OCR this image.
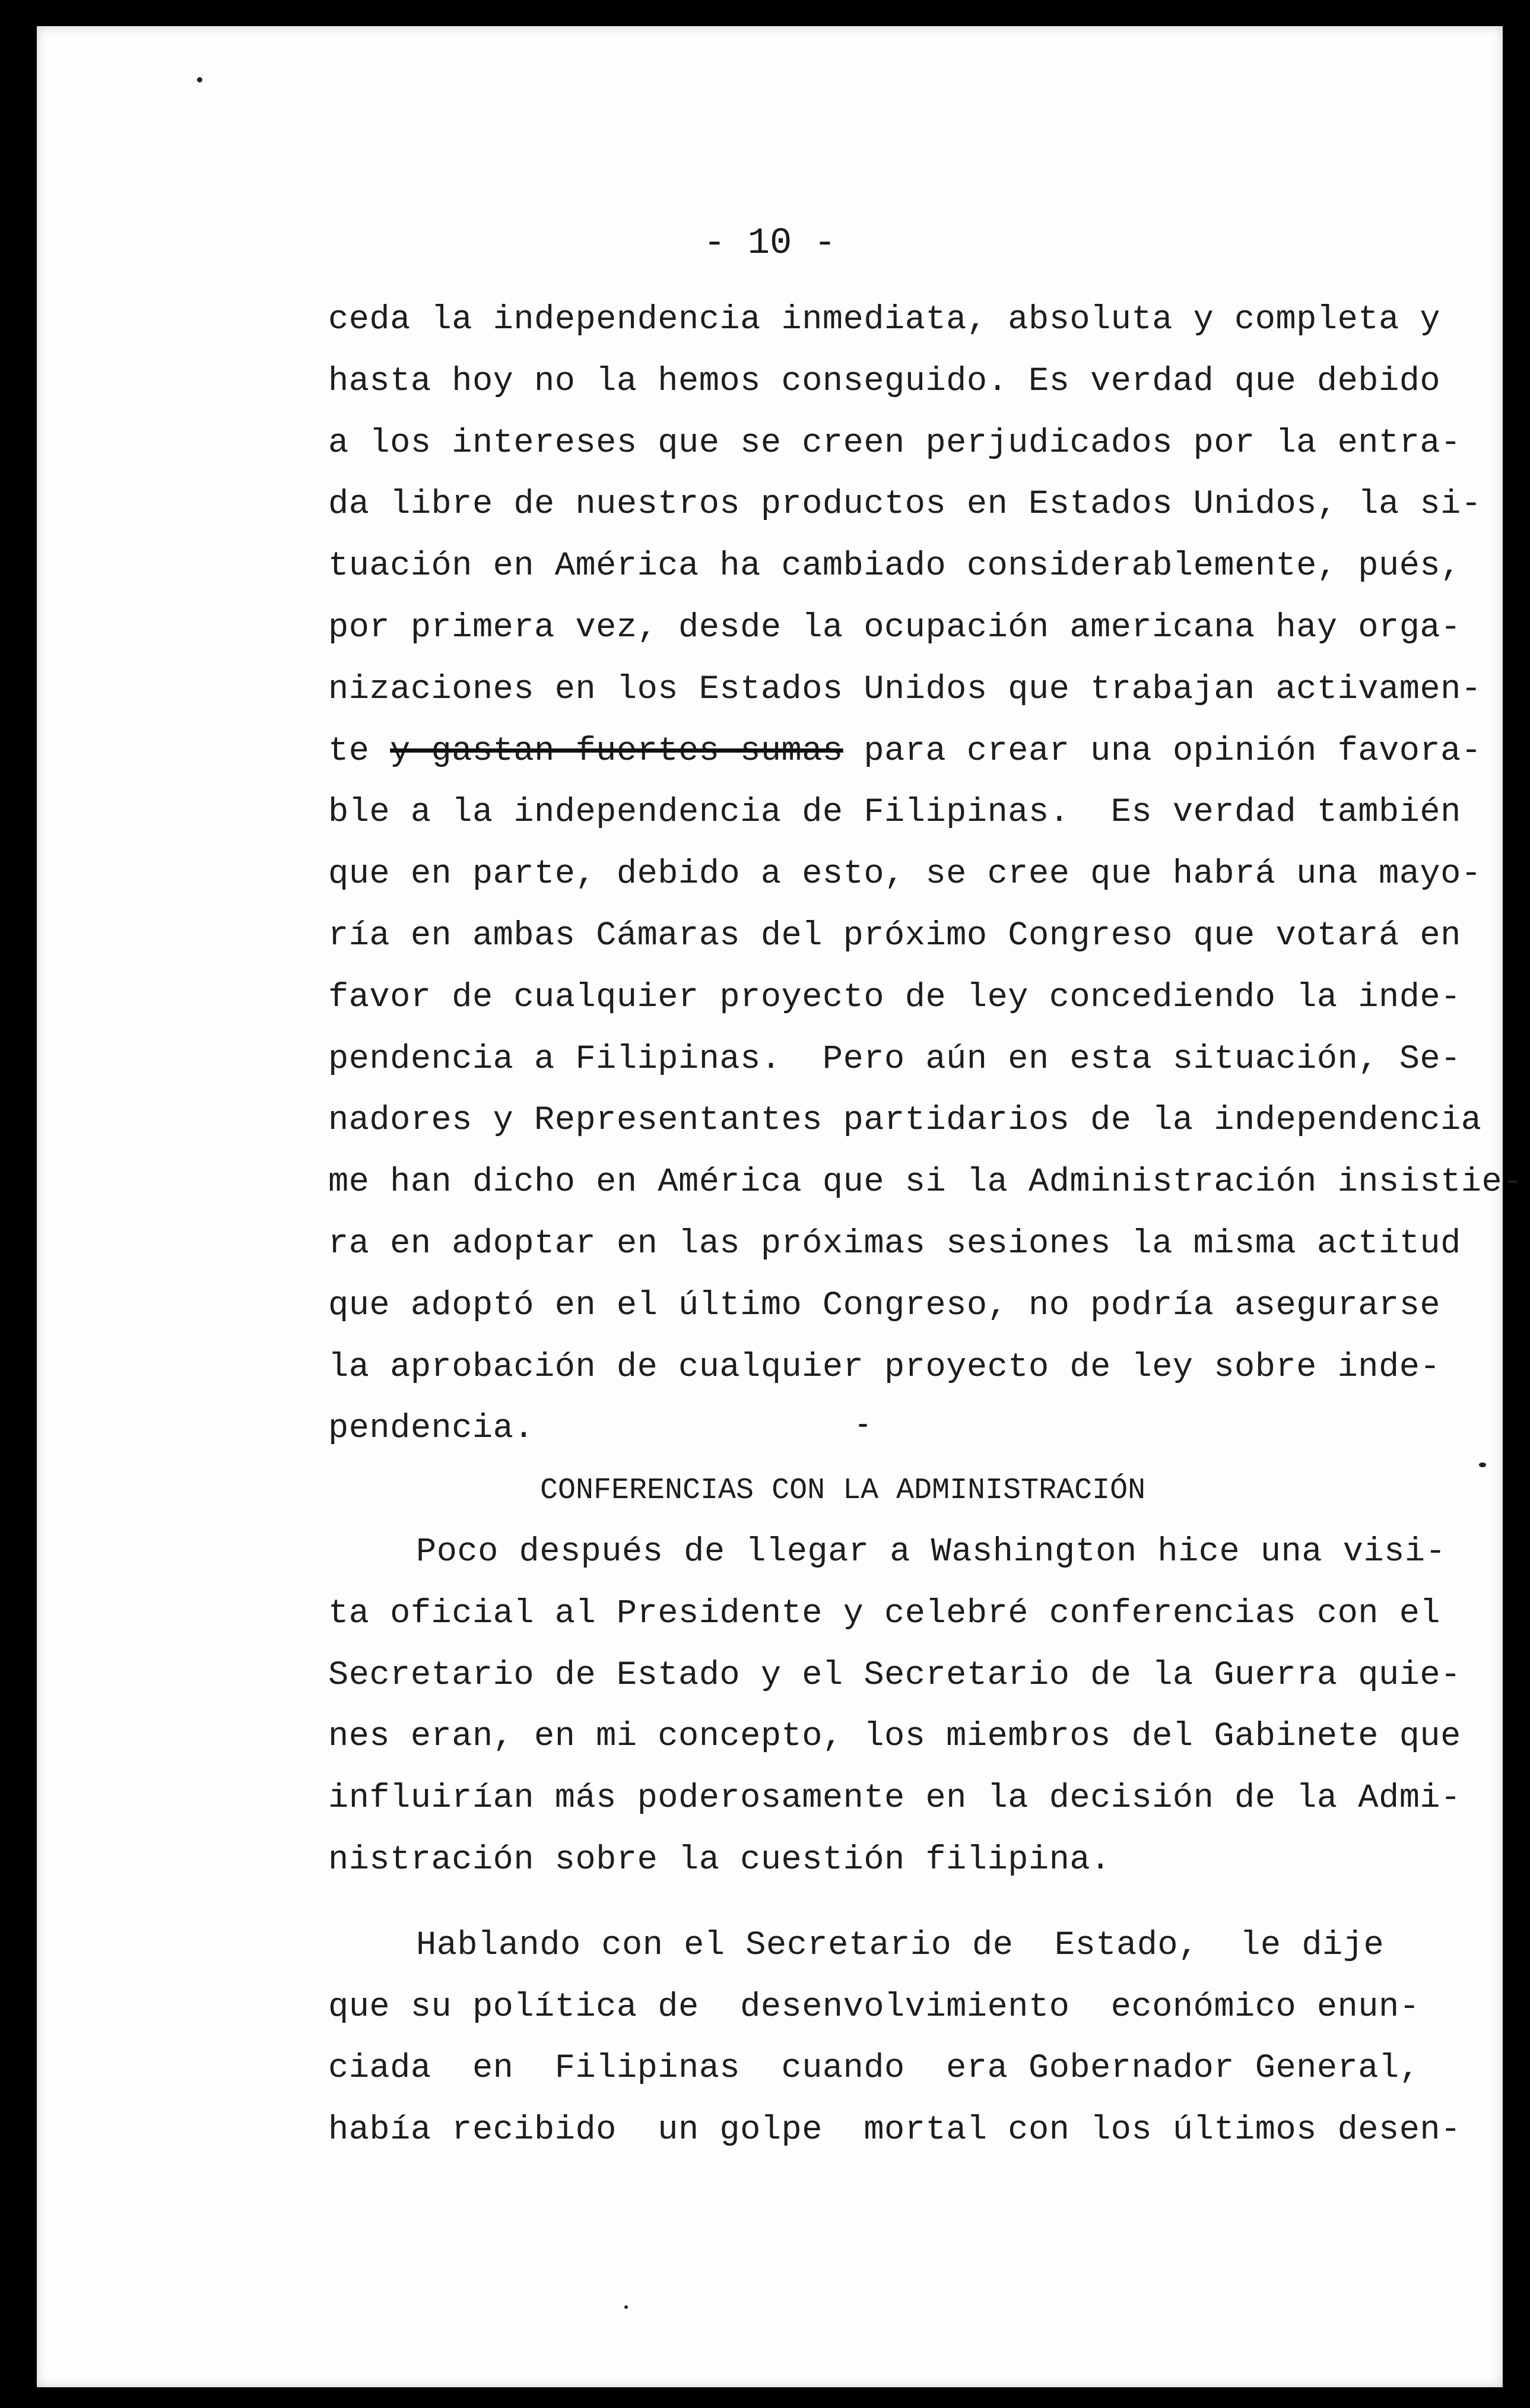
- 10 -
ceda la independencia inmediata, absoluta y completa y
hasta hoy no la hemos conseguido. Es verdad que debido
a los intereses que se creen perjudicados por la entra-
da libre de nuestros productos en Estados Unidos, la si-
tuación en América ha cambiado considerablemente, pués,
por primera vez, desde la ocupación americana hay orga-
nizaciones en los Estados Unidos que trabajan activamen-
te y gastan fuertes sumas para crear una opinión favora-
ble a la independencia de Filipinas.  Es verdad también
que en parte, debido a esto, se cree que habrá una mayo-
ría en ambas Cámaras del próximo Congreso que votará en
favor de cualquier proyecto de ley concediendo la inde-
pendencia a Filipinas.  Pero aún en esta situación, Se-
nadores y Representantes partidarios de la independencia
me han dicho en América que si la Administración insistie-
ra en adoptar en las próximas sesiones la misma actitud
que adoptó en el último Congreso, no podría asegurarse
la aprobación de cualquier proyecto de ley sobre inde-
pendencia.
CONFERENCIAS CON LA ADMINISTRACIÓN
Poco después de llegar a Washington hice una visi-
ta oficial al Presidente y celebré conferencias con el
Secretario de Estado y el Secretario de la Guerra quie-
nes eran, en mi concepto, los miembros del Gabinete que
influirían más poderosamente en la decisión de la Admi-
nistración sobre la cuestión filipina.
Hablando con el Secretario de  Estado,  le dije
que su política de  desenvolvimiento  económico enun-
ciada  en  Filipinas  cuando  era Gobernador General,
había recibido  un golpe  mortal con los últimos desen-
